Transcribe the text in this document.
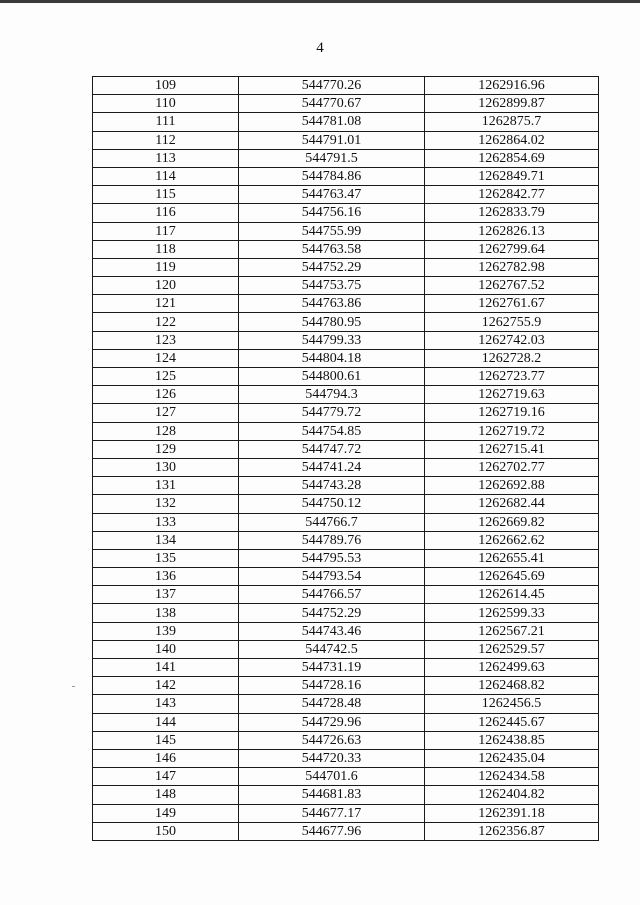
4
109	544770.26	1262916.96
110	544770.67	1262899.87
111	544781.08	1262875.7
112	544791.01	1262864.02
113	544791.5	1262854.69
114	544784.86	1262849.71
115	544763.47	1262842.77
116	544756.16	1262833.79
117	544755.99	1262826.13
118	544763.58	1262799.64
119	544752.29	1262782.98
120	544753.75	1262767.52
121	544763.86	1262761.67
122	544780.95	1262755.9
123	544799.33	1262742.03
124	544804.18	1262728.2
125	544800.61	1262723.77
126	544794.3	1262719.63
127	544779.72	1262719.16
128	544754.85	1262719.72
129	544747.72	1262715.41
130	544741.24	1262702.77
131	544743.28	1262692.88
132	544750.12	1262682.44
133	544766.7	1262669.82
134	544789.76	1262662.62
135	544795.53	1262655.41
136	544793.54	1262645.69
137	544766.57	1262614.45
138	544752.29	1262599.33
139	544743.46	1262567.21
140	544742.5	1262529.57
141	544731.19	1262499.63
142	544728.16	1262468.82
143	544728.48	1262456.5
144	544729.96	1262445.67
145	544726.63	1262438.85
146	544720.33	1262435.04
147	544701.6	1262434.58
148	544681.83	1262404.82
149	544677.17	1262391.18
150	544677.96	1262356.87
